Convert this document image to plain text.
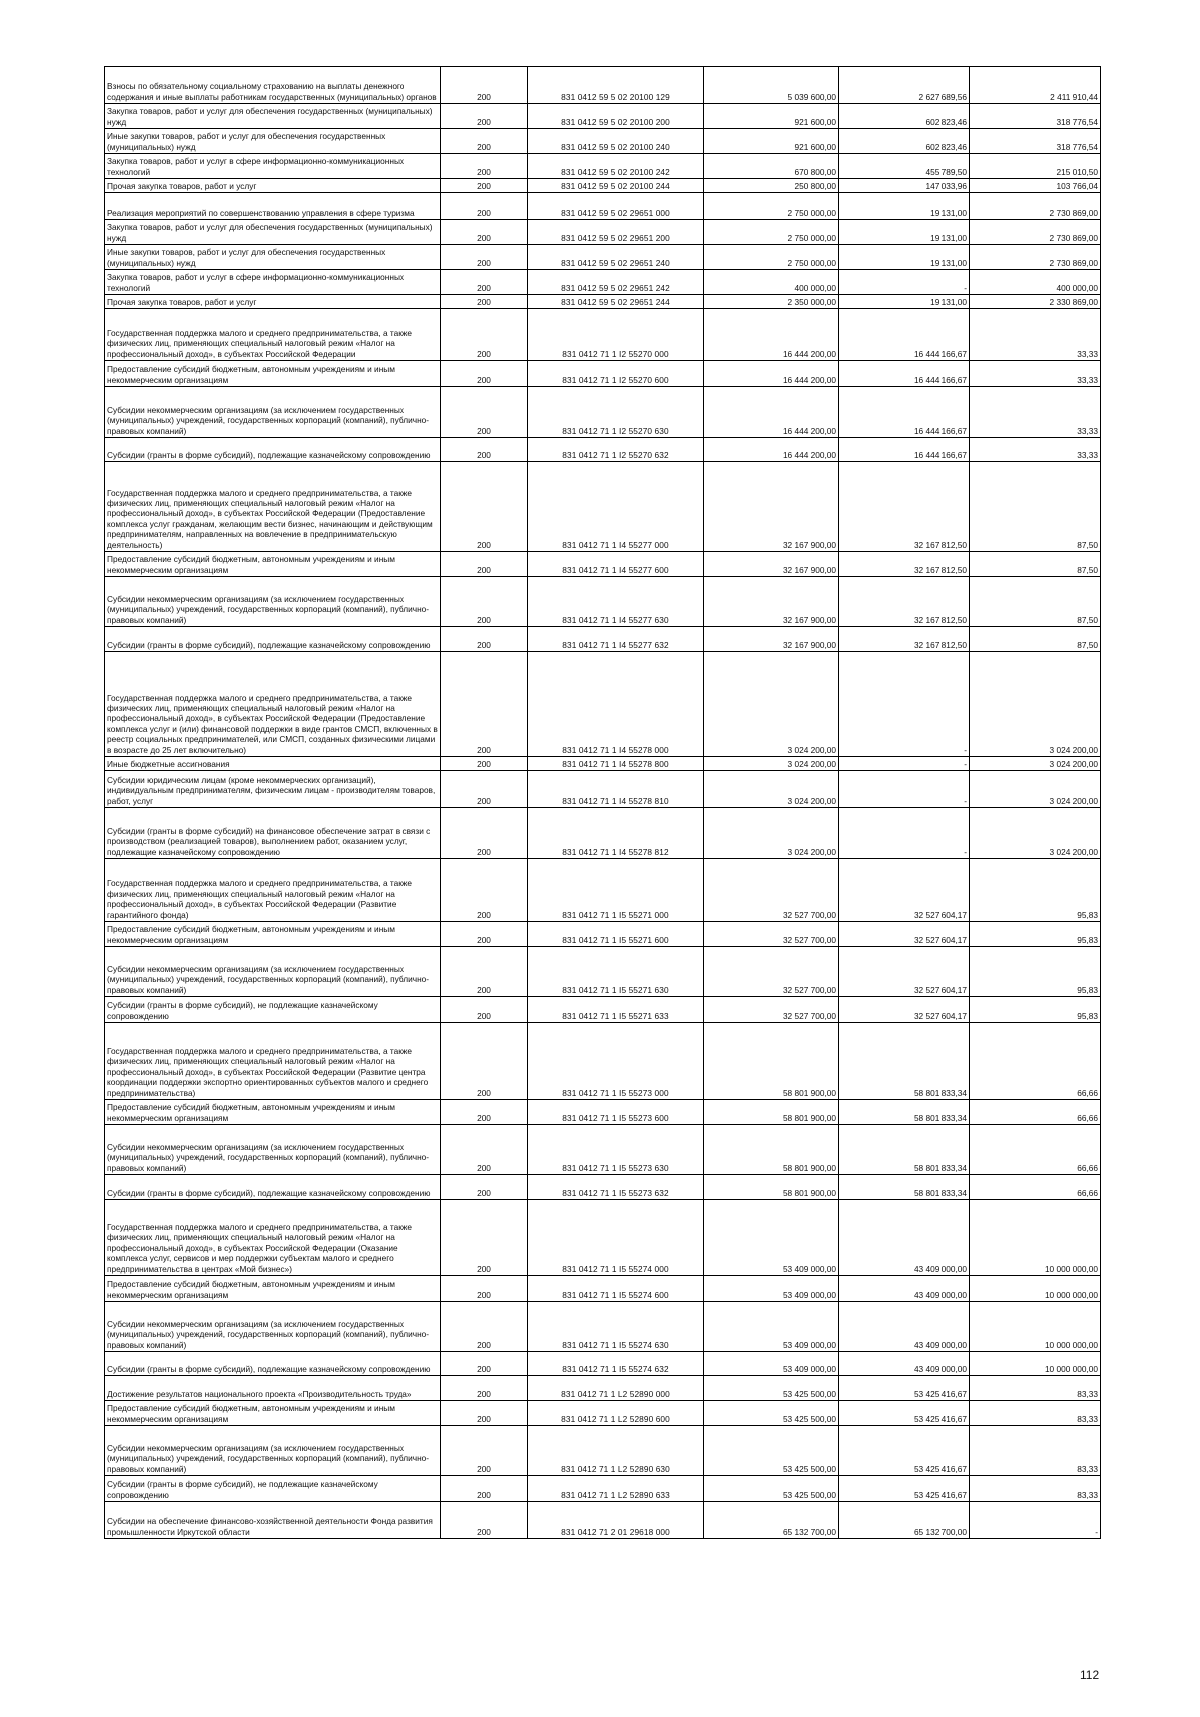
Взносы по обязательному социальному страхованию на выплаты денежного содержания и иные выплаты работникам государственных (муниципальных) органов	200	831 0412 59 5 02 20100 129	5 039 600,00	2 627 689,56	2 411 910,44
Закупка товаров, работ и услуг для обеспечения государственных (муниципальных) нужд	200	831 0412 59 5 02 20100 200	921 600,00	602 823,46	318 776,54
Иные закупки товаров, работ и услуг для обеспечения государственных (муниципальных) нужд	200	831 0412 59 5 02 20100 240	921 600,00	602 823,46	318 776,54
Закупка товаров, работ и услуг в сфере информационно-коммуникационных технологий	200	831 0412 59 5 02 20100 242	670 800,00	455 789,50	215 010,50
Прочая закупка товаров, работ и услуг	200	831 0412 59 5 02 20100 244	250 800,00	147 033,96	103 766,04
Реализация мероприятий по совершенствованию управления в сфере туризма	200	831 0412 59 5 02 29651 000	2 750 000,00	19 131,00	2 730 869,00
Закупка товаров, работ и услуг для обеспечения государственных (муниципальных) нужд	200	831 0412 59 5 02 29651 200	2 750 000,00	19 131,00	2 730 869,00
Иные закупки товаров, работ и услуг для обеспечения государственных (муниципальных) нужд	200	831 0412 59 5 02 29651 240	2 750 000,00	19 131,00	2 730 869,00
Закупка товаров, работ и услуг в сфере информационно-коммуникационных технологий	200	831 0412 59 5 02 29651 242	400 000,00	-	400 000,00
Прочая закупка товаров, работ и услуг	200	831 0412 59 5 02 29651 244	2 350 000,00	19 131,00	2 330 869,00
Государственная поддержка малого и среднего предпринимательства, а также физических лиц, применяющих специальный налоговый режим «Налог на профессиональный доход», в субъектах Российской Федерации	200	831 0412 71 1 I2 55270 000	16 444 200,00	16 444 166,67	33,33
Предоставление субсидий бюджетным, автономным учреждениям и иным некоммерческим организациям	200	831 0412 71 1 I2 55270 600	16 444 200,00	16 444 166,67	33,33
Субсидии некоммерческим организациям (за исключением государственных (муниципальных) учреждений, государственных корпораций (компаний), публично-правовых компаний)	200	831 0412 71 1 I2 55270 630	16 444 200,00	16 444 166,67	33,33
Субсидии (гранты в форме субсидий), подлежащие казначейскому сопровождению	200	831 0412 71 1 I2 55270 632	16 444 200,00	16 444 166,67	33,33
Государственная поддержка малого и среднего предпринимательства, а также физических лиц, применяющих специальный налоговый режим «Налог на профессиональный доход», в субъектах Российской Федерации (Предоставление комплекса услуг гражданам, желающим вести бизнес, начинающим и действующим предпринимателям, направленных на вовлечение в предпринимательскую деятельность)	200	831 0412 71 1 I4 55277 000	32 167 900,00	32 167 812,50	87,50
Предоставление субсидий бюджетным, автономным учреждениям и иным некоммерческим организациям	200	831 0412 71 1 I4 55277 600	32 167 900,00	32 167 812,50	87,50
Субсидии некоммерческим организациям (за исключением государственных (муниципальных) учреждений, государственных корпораций (компаний), публично-правовых компаний)	200	831 0412 71 1 I4 55277 630	32 167 900,00	32 167 812,50	87,50
Субсидии (гранты в форме субсидий), подлежащие казначейскому сопровождению	200	831 0412 71 1 I4 55277 632	32 167 900,00	32 167 812,50	87,50
Государственная поддержка малого и среднего предпринимательства, а также физических лиц, применяющих специальный налоговый режим «Налог на профессиональный доход», в субъектах Российской Федерации (Предоставление комплекса услуг и (или) финансовой поддержки в виде грантов СМСП, включенных в реестр социальных предпринимателей, или СМСП, созданных физическими лицами в возрасте до 25 лет включительно)	200	831 0412 71 1 I4 55278 000	3 024 200,00	-	3 024 200,00
Иные бюджетные ассигнования	200	831 0412 71 1 I4 55278 800	3 024 200,00	-	3 024 200,00
Субсидии юридическим лицам (кроме некоммерческих организаций), индивидуальным предпринимателям, физическим лицам - производителям товаров, работ, услуг	200	831 0412 71 1 I4 55278 810	3 024 200,00	-	3 024 200,00
Субсидии (гранты в форме субсидий) на финансовое обеспечение затрат в связи с производством (реализацией товаров), выполнением работ, оказанием услуг, подлежащие казначейскому сопровождению	200	831 0412 71 1 I4 55278 812	3 024 200,00	-	3 024 200,00
Государственная поддержка малого и среднего предпринимательства, а также физических лиц, применяющих специальный налоговый режим «Налог на профессиональный доход», в субъектах Российской Федерации (Развитие гарантийного фонда)	200	831 0412 71 1 I5 55271 000	32 527 700,00	32 527 604,17	95,83
Предоставление субсидий бюджетным, автономным учреждениям и иным некоммерческим организациям	200	831 0412 71 1 I5 55271 600	32 527 700,00	32 527 604,17	95,83
Субсидии некоммерческим организациям (за исключением государственных (муниципальных) учреждений, государственных корпораций (компаний), публично-правовых компаний)	200	831 0412 71 1 I5 55271 630	32 527 700,00	32 527 604,17	95,83
Субсидии (гранты в форме субсидий), не подлежащие казначейскому сопровождению	200	831 0412 71 1 I5 55271 633	32 527 700,00	32 527 604,17	95,83
Государственная поддержка малого и среднего предпринимательства, а также физических лиц, применяющих специальный налоговый режим «Налог на профессиональный доход», в субъектах Российской Федерации (Развитие центра координации поддержки экспортно ориентированных субъектов малого и среднего предпринимательства)	200	831 0412 71 1 I5 55273 000	58 801 900,00	58 801 833,34	66,66
Предоставление субсидий бюджетным, автономным учреждениям и иным некоммерческим организациям	200	831 0412 71 1 I5 55273 600	58 801 900,00	58 801 833,34	66,66
Субсидии некоммерческим организациям (за исключением государственных (муниципальных) учреждений, государственных корпораций (компаний), публично-правовых компаний)	200	831 0412 71 1 I5 55273 630	58 801 900,00	58 801 833,34	66,66
Субсидии (гранты в форме субсидий), подлежащие казначейскому сопровождению	200	831 0412 71 1 I5 55273 632	58 801 900,00	58 801 833,34	66,66
Государственная поддержка малого и среднего предпринимательства, а также физических лиц, применяющих специальный налоговый режим «Налог на профессиональный доход», в субъектах Российской Федерации (Оказание комплекса услуг, сервисов и мер поддержки субъектам малого и среднего предпринимательства в центрах «Мой бизнес»)	200	831 0412 71 1 I5 55274 000	53 409 000,00	43 409 000,00	10 000 000,00
Предоставление субсидий бюджетным, автономным учреждениям и иным некоммерческим организациям	200	831 0412 71 1 I5 55274 600	53 409 000,00	43 409 000,00	10 000 000,00
Субсидии некоммерческим организациям (за исключением государственных (муниципальных) учреждений, государственных корпораций (компаний), публично-правовых компаний)	200	831 0412 71 1 I5 55274 630	53 409 000,00	43 409 000,00	10 000 000,00
Субсидии (гранты в форме субсидий), подлежащие казначейскому сопровождению	200	831 0412 71 1 I5 55274 632	53 409 000,00	43 409 000,00	10 000 000,00
Достижение результатов национального проекта «Производительность труда»	200	831 0412 71 1 L2 52890 000	53 425 500,00	53 425 416,67	83,33
Предоставление субсидий бюджетным, автономным учреждениям и иным некоммерческим организациям	200	831 0412 71 1 L2 52890 600	53 425 500,00	53 425 416,67	83,33
Субсидии некоммерческим организациям (за исключением государственных (муниципальных) учреждений, государственных корпораций (компаний), публично-правовых компаний)	200	831 0412 71 1 L2 52890 630	53 425 500,00	53 425 416,67	83,33
Субсидии (гранты в форме субсидий), не подлежащие казначейскому сопровождению	200	831 0412 71 1 L2 52890 633	53 425 500,00	53 425 416,67	83,33
Субсидии на обеспечение финансово-хозяйственной деятельности Фонда развития промышленности Иркутской области	200	831 0412 71 2 01 29618 000	65 132 700,00	65 132 700,00	-
112
